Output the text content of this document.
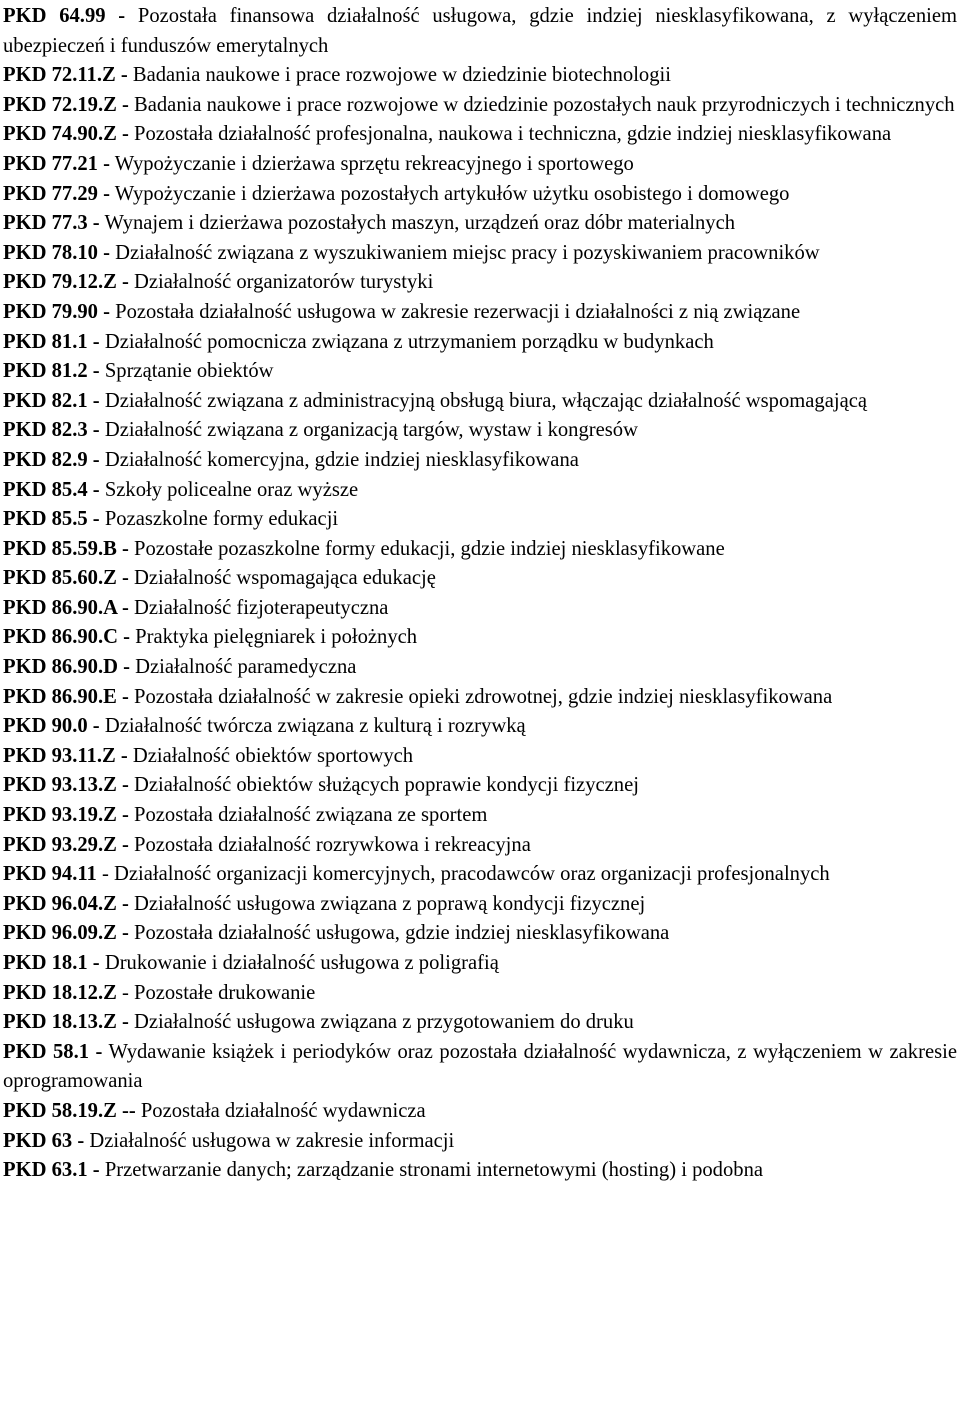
PKD 64.99 - Pozostała finansowa działalność usługowa, gdzie indziej niesklasyfikowana, z wyłączeniem ubezpieczeń i funduszów emerytalnych

PKD 72.11.Z - Badania naukowe i prace rozwojowe w dziedzinie biotechnologii

PKD 72.19.Z - Badania naukowe i prace rozwojowe w dziedzinie pozostałych nauk przyrodniczych i technicznych

PKD 74.90.Z - Pozostała działalność profesjonalna, naukowa i techniczna, gdzie indziej niesklasyfikowana

PKD 77.21 - Wypożyczanie i dzierżawa sprzętu rekreacyjnego i sportowego

PKD 77.29 - Wypożyczanie i dzierżawa pozostałych artykułów użytku osobistego i domowego

PKD 77.3 - Wynajem i dzierżawa pozostałych maszyn, urządzeń oraz dóbr materialnych

PKD 78.10 - Działalność związana z wyszukiwaniem miejsc pracy i pozyskiwaniem pracowników

PKD 79.12.Z - Działalność organizatorów turystyki

PKD 79.90 - Pozostała działalność usługowa w zakresie rezerwacji i działalności z nią związane

PKD 81.1 - Działalność pomocnicza związana z utrzymaniem porządku w budynkach

PKD 81.2 - Sprzątanie obiektów

PKD 82.1 - Działalność związana z administracyjną obsługą biura, włączając działalność wspomagającą

PKD 82.3 - Działalność związana z organizacją targów, wystaw i kongresów

PKD 82.9 - Działalność komercyjna, gdzie indziej niesklasyfikowana

PKD 85.4 - Szkoły policealne oraz wyższe

PKD 85.5 - Pozaszkolne formy edukacji

PKD 85.59.B - Pozostałe pozaszkolne formy edukacji, gdzie indziej niesklasyfikowane

PKD 85.60.Z - Działalność wspomagająca edukację

PKD 86.90.A - Działalność fizjoterapeutyczna

PKD 86.90.C - Praktyka pielęgniarek i położnych

PKD 86.90.D - Działalność paramedyczna

PKD 86.90.E - Pozostała działalność w zakresie opieki zdrowotnej, gdzie indziej niesklasyfikowana

PKD 90.0 - Działalność twórcza związana z kulturą i rozrywką

PKD 93.11.Z - Działalność obiektów sportowych

PKD 93.13.Z - Działalność obiektów służących poprawie kondycji fizycznej

PKD 93.19.Z - Pozostała działalność związana ze sportem

PKD 93.29.Z - Pozostała działalność rozrywkowa i rekreacyjna

PKD 94.11 - Działalność organizacji komercyjnych, pracodawców oraz organizacji profesjonalnych

PKD 96.04.Z - Działalność usługowa związana z poprawą kondycji fizycznej

PKD 96.09.Z - Pozostała działalność usługowa, gdzie indziej niesklasyfikowana

PKD 18.1 - Drukowanie i działalność usługowa z poligrafią

PKD 18.12.Z - Pozostałe drukowanie

PKD 18.13.Z - Działalność usługowa związana z przygotowaniem do druku

PKD 58.1 - Wydawanie książek i periodyków oraz pozostała działalność wydawnicza, z wyłączeniem w zakresie oprogramowania

PKD 58.19.Z -- Pozostała działalność wydawnicza

PKD 63 - Działalność usługowa w zakresie informacji

PKD 63.1 - Przetwarzanie danych; zarządzanie stronami internetowymi (hosting) i podobna
